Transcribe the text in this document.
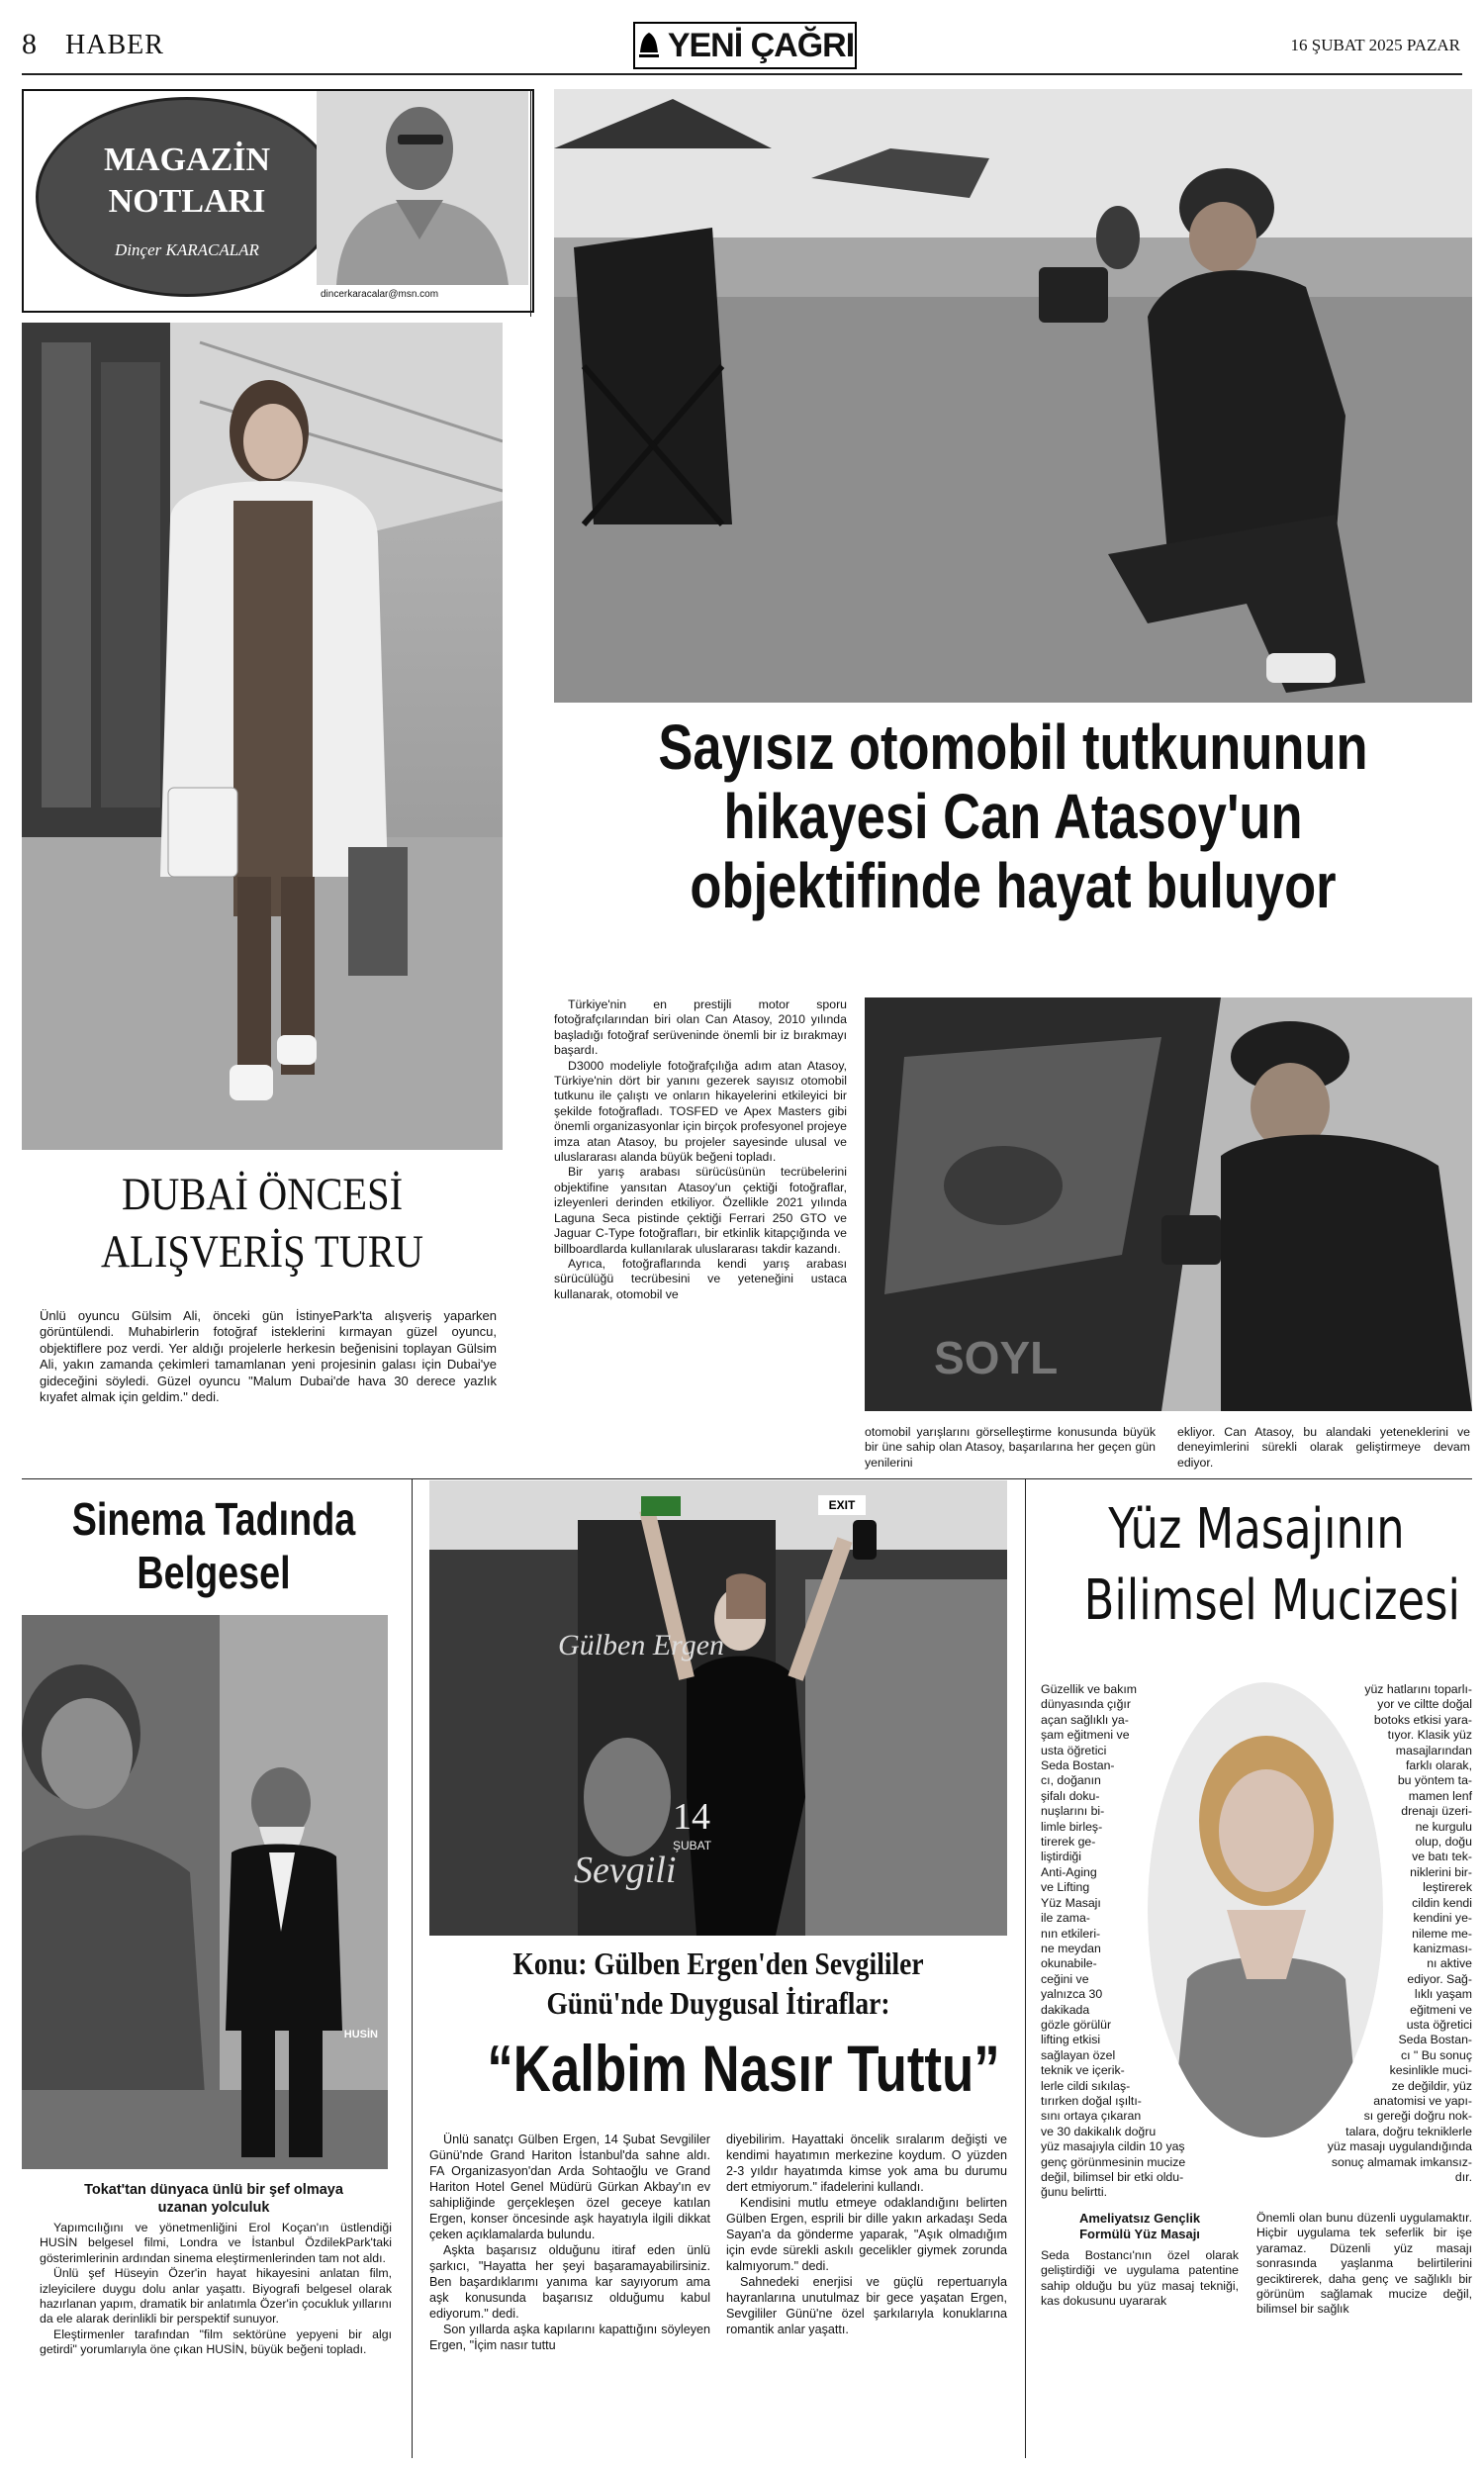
8 HABER	YENİ ÇAĞRI	16 ŞUBAT 2025 PAZAR
MAGAZİN
NOTLARI
Dinçer KARACALAR
dincerkaracalar@msn.com
DUBAİ ÖNCESİ
ALIŞVERİŞ TURU
Ünlü oyuncu Gülsim Ali, önceki gün İstinyePark'ta alışveriş yaparken görüntülendi. Muhabirlerin fotoğraf isteklerini kırmayan güzel oyuncu, objektiflere poz verdi. Yer aldığı projelerle herkesin beğenisini toplayan Gülsim Ali, yakın zamanda çekimleri tamamlanan yeni projesinin galası için Dubai'ye gideceğini söyledi. Güzel oyuncu "Malum Dubai'de hava 30 derece yazlık kıyafet almak için geldim." dedi.
Sayısız otomobil tutkununun
hikayesi Can Atasoy'un
objektifinde hayat buluyor

Türkiye'nin en prestijli motor sporu fotoğrafçılarından biri olan Can Atasoy, 2010 yılında başladığı fotoğraf serüveninde önemli bir iz bırakmayı başardı.

D3000 modeliyle fotoğrafçılığa adım atan Atasoy, Türkiye'nin dört bir yanını gezerek sayısız otomobil tutkunu ile çalıştı ve onların hikayelerini etkileyici bir şekilde fotoğrafladı. TOSFED ve Apex Masters gibi önemli organizasyonlar için birçok profesyonel projeye imza atan Atasoy, bu projeler sayesinde ulusal ve uluslararası alanda büyük beğeni topladı.

Bir yarış arabası sürücüsünün tecrübelerini objektifine yansıtan Atasoy'un çektiği fotoğraflar, izleyenleri derinden etkiliyor. Özellikle 2021 yılında Laguna Seca pistinde çektiği Ferrari 250 GTO ve Jaguar C-Type fotoğrafları, bir etkinlik kitapçığında ve billboardlarda kullanılarak uluslararası takdir kazandı.

Ayrıca, fotoğraflarında kendi yarış arabası sürücülüğü tecrübesini ve yeteneğini ustaca kullanarak, otomobil ve

SOYL
otomobil yarışlarını görselleştirme konusunda büyük bir üne sahip olan Atasoy, başarılarına her geçen gün yenilerini
ekliyor. Can Atasoy, bu alandaki yeteneklerini ve deneyimlerini sürekli olarak geliştirmeye devam ediyor.
Sinema Tadında
Belgesel
HUSİN
Tokat'tan dünyaca ünlü bir şef olmaya
uzanan yolculuk

Yapımcılığını ve yönetmenliğini Erol Koçan'ın üstlendiği HUSİN belgesel filmi, Londra ve İstanbul ÖzdilekPark'taki gösterimlerinin ardından sinema eleştirmenlerinden tam not aldı.

Ünlü şef Hüseyin Özer'in hayat hikayesini anlatan film, izleyicilere duygu dolu anlar yaşattı. Biyografi belgesel olarak hazırlanan yapım, dramatik bir anlatımla Özer'in çocukluk yıllarını da ele alarak derinlikli bir perspektif sunuyor.

Eleştirmenler tarafından "film sektörüne yepyeni bir algı getirdi" yorumlarıyla öne çıkan HUSİN, büyük beğeni topladı.

EXIT
Gülben Ergen
14
ŞUBAT
Sevgili
Konu: Gülben Ergen'den Sevgililer
Günü'nde Duygusal İtiraflar:
“Kalbim Nasır Tuttu”

Ünlü sanatçı Gülben Ergen, 14 Şubat Sevgililer Günü'nde Grand Hariton İstanbul'da sahne aldı. FA Organizasyon'dan Arda Sohtaoğlu ve Grand Hariton Hotel Genel Müdürü Gürkan Akbay'ın ev sahipliğinde gerçekleşen özel geceye katılan Ergen, konser öncesinde aşk hayatıyla ilgili dikkat çeken açıklamalarda bulundu.

Aşkta başarısız olduğunu itiraf eden ünlü şarkıcı, "Hayatta her şeyi başaramayabilirsiniz. Ben başardıklarımı yanıma kar sayıyorum ama aşk konusunda başarısız olduğumu kabul ediyorum." dedi.

Son yıllarda aşka kapılarını kapattığını söyleyen Ergen, "İçim nasır tuttu

diyebilirim. Hayattaki öncelik sıralarım değişti ve kendimi hayatımın merkezine koydum. O yüzden 2-3 yıldır hayatımda kimse yok ama bu durumu dert etmiyorum." ifadelerini kullandı.

Kendisini mutlu etmeye odaklandığını belirten Gülben Ergen, esprili bir dille yakın arkadaşı Seda Sayan'a da gönderme yaparak, "Aşık olmadığım için evde sürekli askılı gecelikler giymek zorunda kalmıyorum." dedi.

Sahnedeki enerjisi ve güçlü repertuarıyla hayranlarına unutulmaz bir gece yaşatan Ergen, Sevgililer Günü'ne özel şarkılarıyla konuklarına romantik anlar yaşattı.

Yüz Masajının
Bilimsel Mucizesi
Güzellik ve bakım
dünyasında çığır
açan sağlıklı ya-
şam eğitmeni ve
usta öğretici
Seda Bostan-
cı, doğanın
şifalı doku-
nuşlarını bi-
limle birleş-
tirerek ge-
liştirdiği
Anti-Aging
ve Lifting
Yüz Masajı
ile zama-
nın etkileri-
ne meydan
okunabile-
ceğini ve
yalnızca 30
dakikada
gözle görülür
lifting etkisi
sağlayan özel
teknik ve içerik-
lerle cildi sıkılaş-
tırırken doğal ışıltı-
sını ortaya çıkaran
ve 30 dakikalık doğru
yüz masajıyla cildin 10 yaş
genç görünmesinin mucize
değil, bilimsel bir etki oldu-
ğunu belirtti.
Ameliyatsız Gençlik
Formülü Yüz Masajı
Seda Bostancı'nın özel olarak geliştirdiği ve uygulama patentine sahip olduğu bu yüz masaj tekniği, kas dokusunu uyararak
yüz hatlarını toparlı-
yor ve ciltte doğal
botoks etkisi yara-
tıyor. Klasik yüz
masajlarından
farklı olarak,
bu yöntem ta-
mamen lenf
drenajı üzeri-
ne kurgulu
olup, doğu
ve batı tek-
niklerini bir-
leştirerek
cildin kendi
kendini ye-
nileme me-
kanizması-
nı aktive
ediyor. Sağ-
lıklı yaşam
eğitmeni ve
usta öğretici
Seda Bostan-
cı " Bu sonuç
kesinlikle muci-
ze değildir, yüz
anatomisi ve yapı-
sı gereği doğru nok-
talara, doğru tekniklerle
yüz masajı uygulandığında
sonuç almamak imkansız-
dır.
Önemli olan bunu düzenli uygulamaktır. Hiçbir uygulama tek seferlik bir işe yaramaz. Düzenli yüz masajı sonrasında yaşlanma belirtilerini geciktirerek, daha genç ve sağlıklı bir görünüm sağlamak mucize değil, bilimsel bir sağlık
